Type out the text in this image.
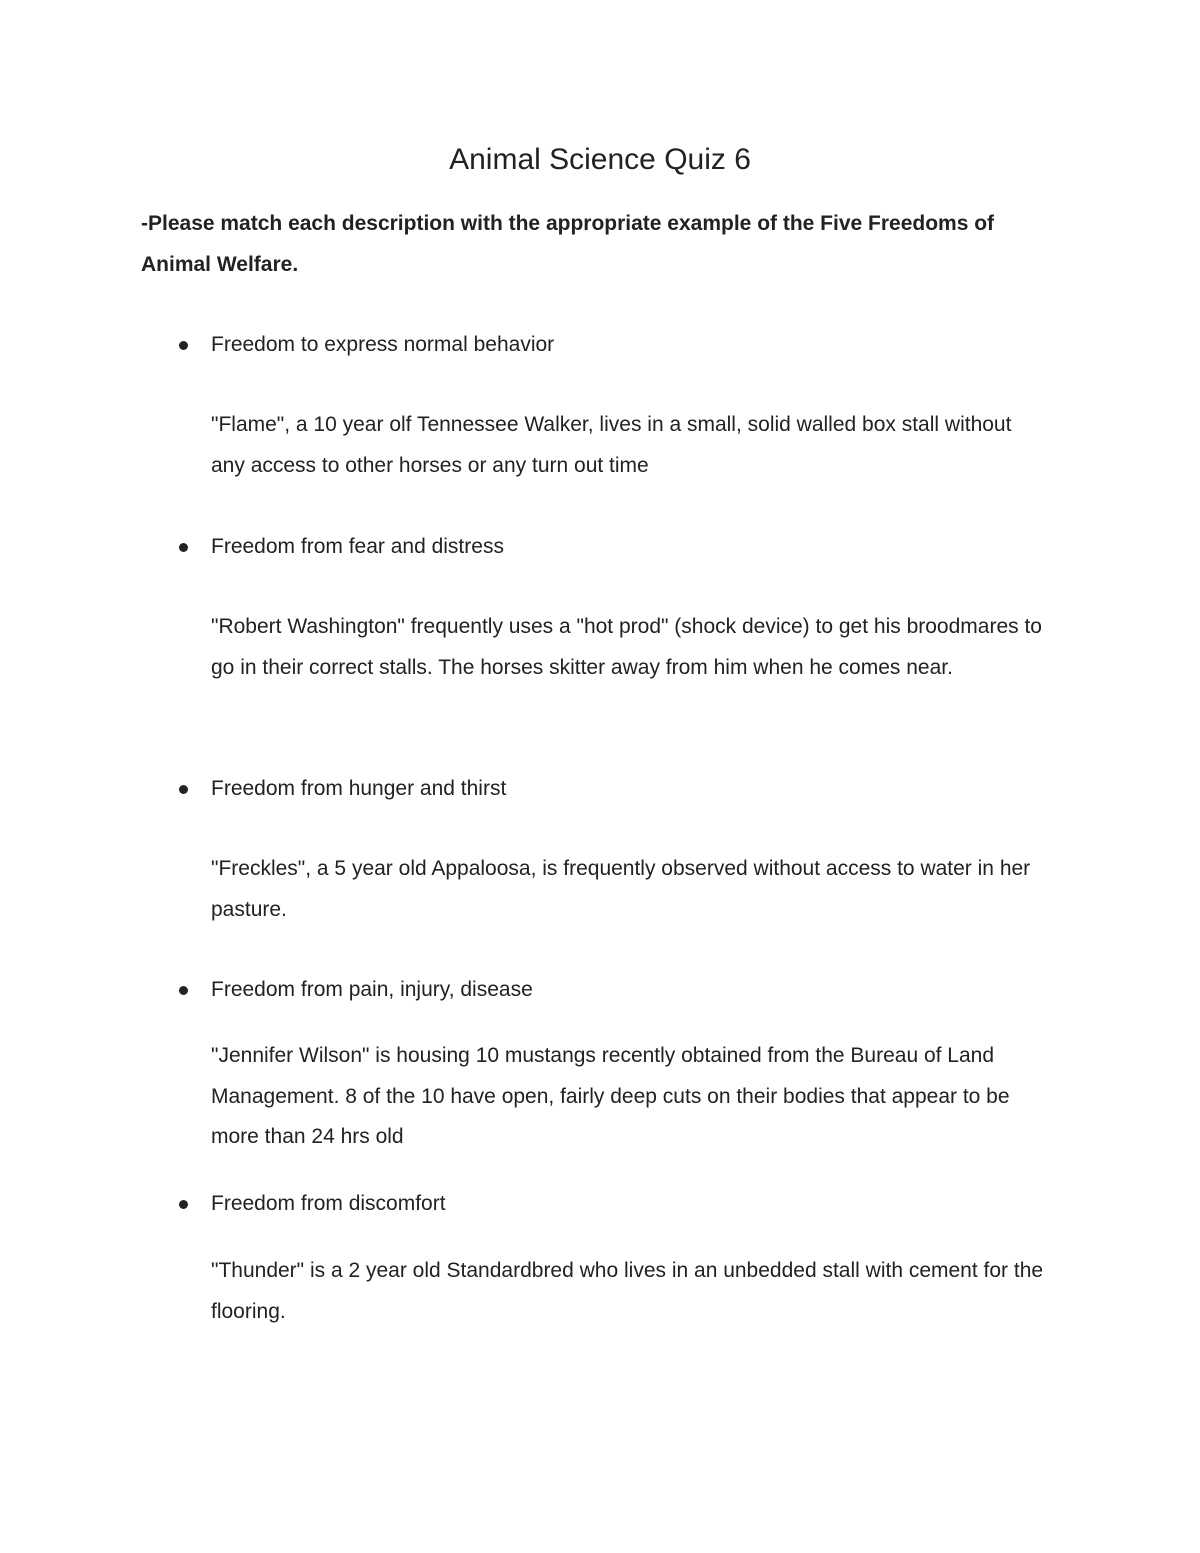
Animal Science Quiz 6

-Please match each description with the appropriate example of the Five Freedoms of Animal Welfare.

Freedom to express normal behavior

"Flame", a 10 year olf Tennessee Walker, lives in a small, solid walled box stall without any access to other horses or any turn out time

Freedom from fear and distress

"Robert Washington" frequently uses a "hot prod" (shock device) to get his broodmares to go in their correct stalls. The horses skitter away from him when he comes near.

Freedom from hunger and thirst

"Freckles", a 5 year old Appaloosa, is frequently observed without access to water in her pasture.

Freedom from pain, injury, disease

"Jennifer Wilson" is housing 10 mustangs recently obtained from the Bureau of Land Management. 8 of the 10 have open, fairly deep cuts on their bodies that appear to be more than 24 hrs old

Freedom from discomfort

"Thunder" is a 2 year old Standardbred who lives in an unbedded stall with cement for the flooring.
